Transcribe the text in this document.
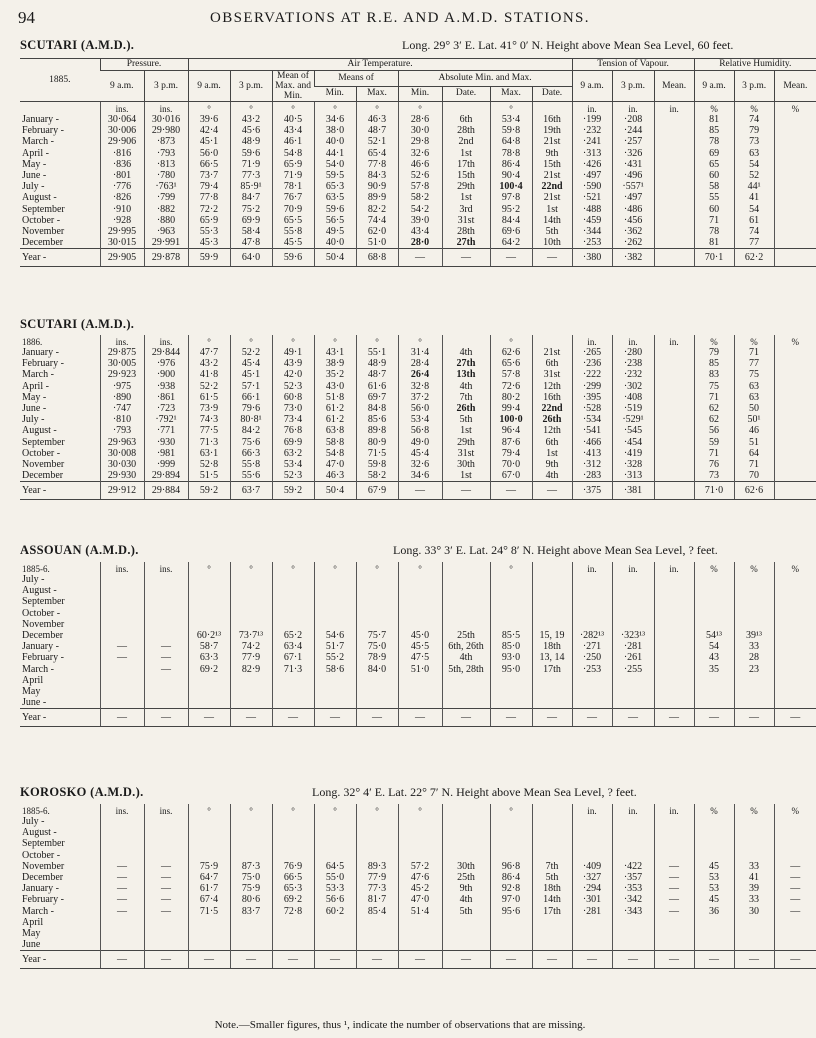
94	OBSERVATIONS AT R.E. AND A.M.D. STATIONS.
SCUTARI (A.M.D.).	Long. 29° 3′ E. Lat. 41° 0′ N. Height above Mean Sea Level, 60 feet.
1885.	Pressure.		Air Temperature.									Tension of Vapour.			Relative Humidity.		
	9 a.m.	3 p.m.	9 a.m.	3 p.m.	Mean of Max. and Min.	Means of		Absolute Min. and Max.				9 a.m.	3 p.m.	Mean.	9 a.m.	3 p.m.	Mean.
						Min.	Max.	Min.	Date.	Max.	Date.						
	ins.	ins.	°	°	°	°	°	°		°		in.	in.	in.	%	%	%
January -	30·064	30·016	39·6	43·2	40·5	34·6	46·3	28·6	6th	53·4	16th	·199	·208		81	74	
February -	30·006	29·980	42·4	45·6	43·4	38·0	48·7	30·0	28th	59·8	19th	·232	·244		85	79	
March -	29·906	·873	45·1	48·9	46·1	40·0	52·1	29·8	2nd	64·8	21st	·241	·257		78	73	
April -	·816	·793	56·0	59·6	54·8	44·1	65·4	32·6	1st	78·8	9th	·313	·326		69	63	
May -	·836	·813	66·5	71·9	65·9	54·0	77·8	46·6	17th	86·4	15th	·426	·431		65	54	
June -	·801	·780	73·7	77·3	71·9	59·5	84·3	52·6	15th	90·4	21st	·497	·496		60	52	
July -	·776	·763¹	79·4	85·9¹	78·1	65·3	90·9	57·8	29th	100·4	22nd	·590	·557¹		58	44¹	
August -	·826	·799	77·8	84·7	76·7	63·5	89·9	58·2	1st	97·8	21st	·521	·497		55	41	
September	·910	·882	72·2	75·2	70·9	59·6	82·2	54·2	3rd	95·2	1st	·488	·486		60	54	
October -	·928	·880	65·9	69·9	65·5	56·5	74·4	39·0	31st	84·4	14th	·459	·456		71	61	
November	29·995	·963	55·3	58·4	55·8	49·5	62·0	43·4	28th	69·6	5th	·344	·362		78	74	
December	30·015	29·991	45·3	47·8	45·5	40·0	51·0	28·0	27th	64·2	10th	·253	·262		81	77	

Year -	29·905	29·878	59·9	64·0	59·6	50·4	68·8	—	—	—	—	·380	·382		70·1	62·2	
SCUTARI (A.M.D.).
1886.	ins.	ins.	°	°	°	°	°	°		°		in.	in.	in.	%	%	%
January -	29·875	29·844	47·7	52·2	49·1	43·1	55·1	31·4	4th	62·6	21st	·265	·280		79	71	
February -	30·005	·976	43·2	45·4	43·9	38·9	48·9	28·4	27th	65·6	6th	·236	·238		85	77	
March -	29·923	·900	41·8	45·1	42·0	35·2	48·7	26·4	13th	57·8	31st	·222	·232		83	75	
April -	·975	·938	52·2	57·1	52·3	43·0	61·6	32·8	4th	72·6	12th	·299	·302		75	63	
May -	·890	·861	61·5	66·1	60·8	51·8	69·7	37·2	7th	80·2	16th	·395	·408		71	63	
June -	·747	·723	73·9	79·6	73·0	61·2	84·8	56·0	26th	99·4	22nd	·528	·519		62	50	
July -	·810	·792¹	74·3	80·8¹	73·4	61·2	85·6	53·4	5th	100·0	26th	·534	·529¹		62	50¹	
August -	·793	·771	77·5	84·2	76·8	63·8	89·8	56·8	1st	96·4	12th	·541	·545		56	46	
September	29·963	·930	71·3	75·6	69·9	58·8	80·9	49·0	29th	87·6	6th	·466	·454		59	51	
October -	30·008	·981	63·1	66·3	63·2	54·8	71·5	45·4	31st	79·4	1st	·413	·419		71	64	
November	30·030	·999	52·8	55·8	53·4	47·0	59·8	32·6	30th	70·0	9th	·312	·328		76	71	
December	29·930	29·894	51·5	55·6	52·3	46·3	58·2	34·6	1st	67·0	4th	·283	·313		73	70	

Year -	29·912	29·884	59·2	63·7	59·2	50·4	67·9	—	—	—	—	·375	·381		71·0	62·6	
ASSOUAN (A.M.D.).	Long. 33° 3′ E. Lat. 24° 8′ N. Height above Mean Sea Level, ? feet.
1885-6.	ins.	ins.	°	°	°	°	°	°		°		in.	in.	in.	%	%	%
July -																	
August -																	
September																	
October -																	
November																	
December			60·2¹³	73·7¹³	65·2	54·6	75·7	45·0	25th	85·5	15, 19	·282¹³	·323¹³		54¹³	39¹³	
January -	—	—	58·7	74·2	63·4	51·7	75·0	45·5	6th, 26th	85·0	18th	·271	·281		54	33	
February -	—	—	63·3	77·9	67·1	55·2	78·9	47·5	4th	93·0	13, 14	·250	·261		43	28	
March -		—	69·2	82·9	71·3	58·6	84·0	51·0	5th, 28th	95·0	17th	·253	·255		35	23	
April																	
May																	
June -																	

Year -	—	—	—	—	—	—	—	—	—	—	—	—	—	—	—	—	—
KOROSKO (A.M.D.).	Long. 32° 4′ E. Lat. 22° 7′ N. Height above Mean Sea Level, ? feet.
1885-6.	ins.	ins.	°	°	°	°	°	°		°		in.	in.	in.	%	%	%
July -																	
August -																	
September																	
October -																	
November	—	—	75·9	87·3	76·9	64·5	89·3	57·2	30th	96·8	7th	·409	·422	—	45	33	—
December	—	—	64·7	75·0	66·5	55·0	77·9	47·6	25th	86·4	5th	·327	·357	—	53	41	—
January -	—	—	61·7	75·9	65·3	53·3	77·3	45·2	9th	92·8	18th	·294	·353	—	53	39	—
February -	—	—	67·4	80·6	69·2	56·6	81·7	47·0	4th	97·0	14th	·301	·342	—	45	33	—
March -	—	—	71·5	83·7	72·8	60·2	85·4	51·4	5th	95·6	17th	·281	·343	—	36	30	—
April																	
May																	
June																	

Year -	—	—	—	—	—	—	—	—	—	—	—	—	—	—	—	—	—
Note.—Smaller figures, thus ¹, indicate the number of observations that are missing.
